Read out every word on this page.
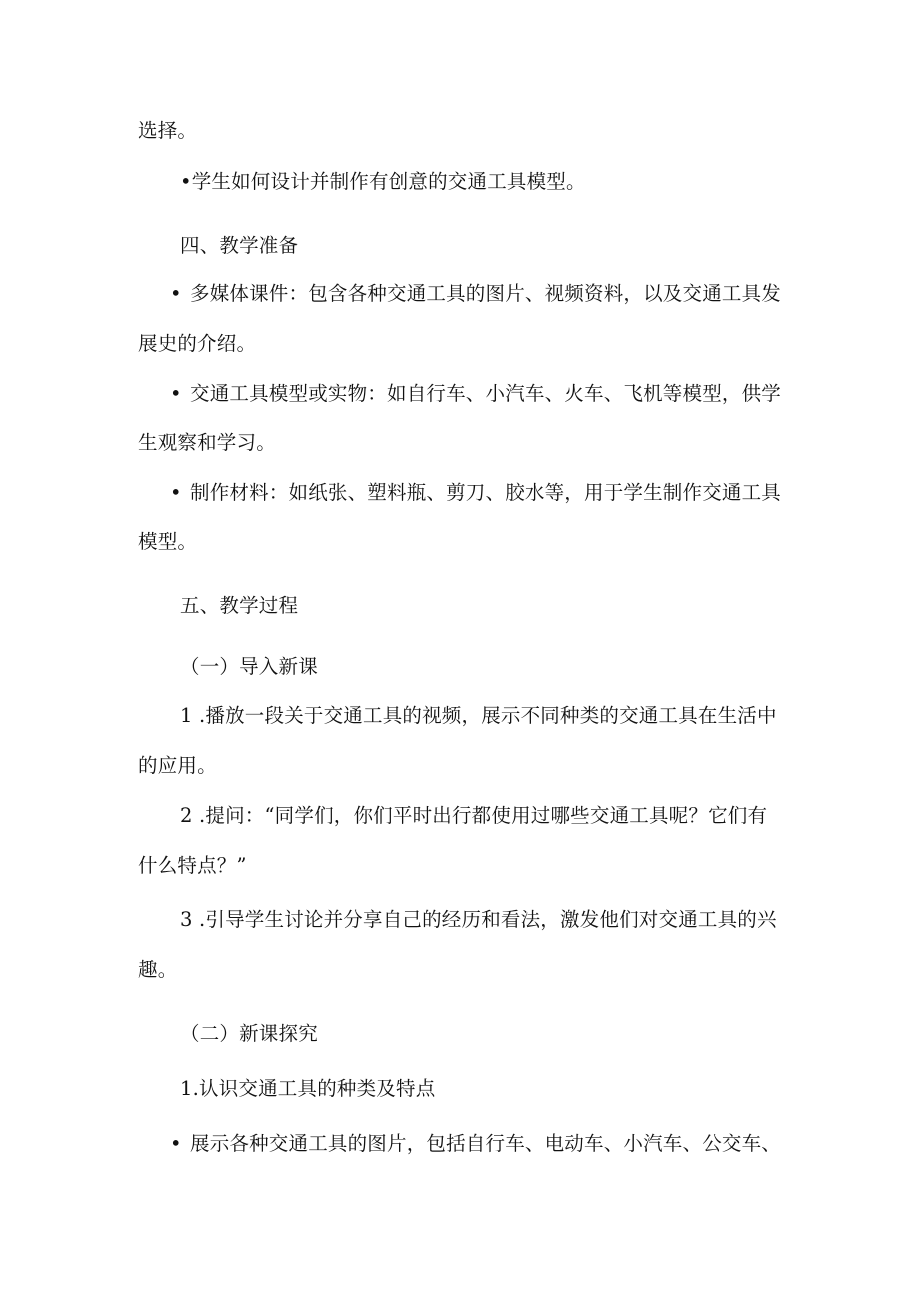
选择。
•学生如何设计并制作有创意的交通工具模型。
四、教学准备
• 多媒体课件：包含各种交通工具的图片、视频资料，以及交通工具发
展史的介绍。
• 交通工具模型或实物：如自行车、小汽车、火车、飞机等模型，供学
生观察和学习。
• 制作材料：如纸张、塑料瓶、剪刀、胶水等，用于学生制作交通工具
模型。
五、教学过程
（一）导入新课
1 .播放一段关于交通工具的视频，展示不同种类的交通工具在生活中
的应用。
2 .提问：“同学们，你们平时出行都使用过哪些交通工具呢？它们有
什么特点？”
3 .引导学生讨论并分享自己的经历和看法，激发他们对交通工具的兴
趣。
（二）新课探究
1.认识交通工具的种类及特点
• 展示各种交通工具的图片，包括自行车、电动车、小汽车、公交车、
